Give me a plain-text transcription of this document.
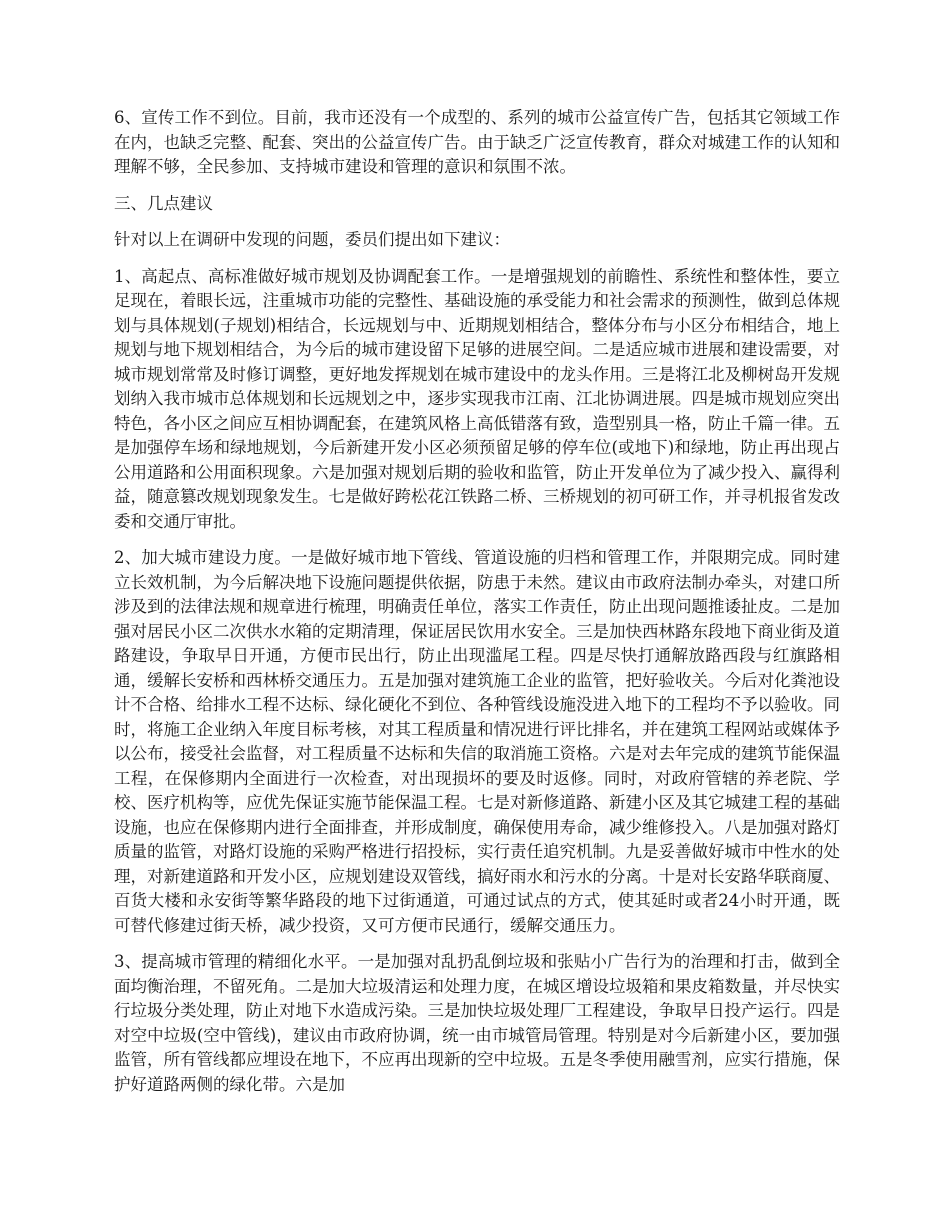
6、宣传工作不到位。目前，我市还没有一个成型的、系列的城市公益宣传广告，包括其它领域工作在内，也缺乏完整、配套、突出的公益宣传广告。由于缺乏广泛宣传教育，群众对城建工作的认知和理解不够，全民参加、支持城市建设和管理的意识和氛围不浓。

三、几点建议

针对以上在调研中发现的问题，委员们提出如下建议：

1、高起点、高标准做好城市规划及协调配套工作。一是增强规划的前瞻性、系统性和整体性，要立足现在，着眼长远，注重城市功能的完整性、基础设施的承受能力和社会需求的预测性，做到总体规划与具体规划(子规划)相结合，长远规划与中、近期规划相结合，整体分布与小区分布相结合，地上规划与地下规划相结合，为今后的城市建设留下足够的进展空间。二是适应城市进展和建设需要，对城市规划常常及时修订调整，更好地发挥规划在城市建设中的龙头作用。三是将江北及柳树岛开发规划纳入我市城市总体规划和长远规划之中，逐步实现我市江南、江北协调进展。四是城市规划应突出特色，各小区之间应互相协调配套，在建筑风格上高低错落有致，造型别具一格，防止千篇一律。五是加强停车场和绿地规划，今后新建开发小区必须预留足够的停车位(或地下)和绿地，防止再出现占公用道路和公用面积现象。六是加强对规划后期的验收和监管，防止开发单位为了减少投入、赢得利益，随意篡改规划现象发生。七是做好跨松花江铁路二桥、三桥规划的初可研工作，并寻机报省发改委和交通厅审批。

2、加大城市建设力度。一是做好城市地下管线、管道设施的归档和管理工作，并限期完成。同时建立长效机制，为今后解决地下设施问题提供依据，防患于未然。建议由市政府法制办牵头，对建口所涉及到的法律法规和规章进行梳理，明确责任单位，落实工作责任，防止出现问题推诿扯皮。二是加强对居民小区二次供水水箱的定期清理，保证居民饮用水安全。三是加快西林路东段地下商业街及道路建设，争取早日开通，方便市民出行，防止出现滥尾工程。四是尽快打通解放路西段与红旗路相通，缓解长安桥和西林桥交通压力。五是加强对建筑施工企业的监管，把好验收关。今后对化粪池设计不合格、给排水工程不达标、绿化硬化不到位、各种管线设施没进入地下的工程均不予以验收。同时，将施工企业纳入年度目标考核，对其工程质量和情况进行评比排名，并在建筑工程网站或媒体予以公布，接受社会监督，对工程质量不达标和失信的取消施工资格。六是对去年完成的建筑节能保温工程，在保修期内全面进行一次检查，对出现损坏的要及时返修。同时，对政府管辖的养老院、学校、医疗机构等，应优先保证实施节能保温工程。七是对新修道路、新建小区及其它城建工程的基础设施，也应在保修期内进行全面排查，并形成制度，确保使用寿命，减少维修投入。八是加强对路灯质量的监管，对路灯设施的采购严格进行招投标，实行责任追究机制。九是妥善做好城市中性水的处理，对新建道路和开发小区，应规划建设双管线，搞好雨水和污水的分离。十是对长安路华联商厦、百货大楼和永安街等繁华路段的地下过街通道，可通过试点的方式，使其延时或者24小时开通，既可替代修建过街天桥，减少投资，又可方便市民通行，缓解交通压力。

3、提高城市管理的精细化水平。一是加强对乱扔乱倒垃圾和张贴小广告行为的治理和打击，做到全面均衡治理，不留死角。二是加大垃圾清运和处理力度，在城区增设垃圾箱和果皮箱数量，并尽快实行垃圾分类处理，防止对地下水造成污染。三是加快垃圾处理厂工程建设，争取早日投产运行。四是对空中垃圾(空中管线)，建议由市政府协调，统一由市城管局管理。特别是对今后新建小区，要加强监管，所有管线都应埋设在地下，不应再出现新的空中垃圾。五是冬季使用融雪剂，应实行措施，保护好道路两侧的绿化带。六是加
